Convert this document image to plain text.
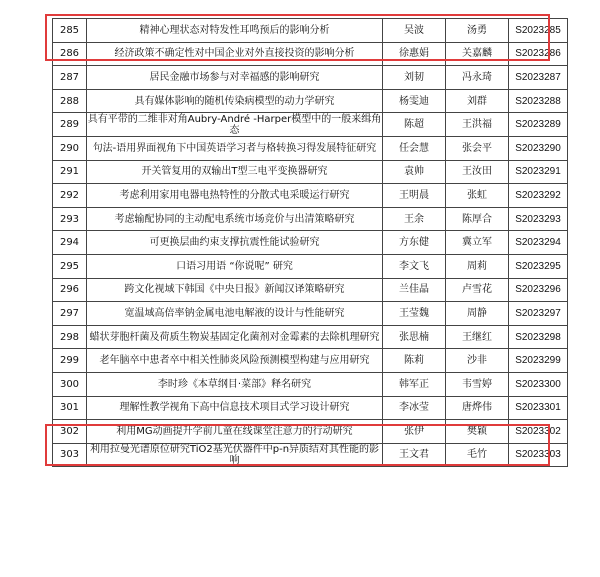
285	精神心理状态对特发性耳鸣预后的影响分析	吴波	汤勇	S2023285
286	经济政策不确定性对中国企业对外直接投资的影响分析	徐惠娟	关嘉麟	S2023286
287	居民金融市场参与对幸福感的影响研究	刘韧	冯永琦	S2023287
288	具有媒体影响的随机传染病模型的动力学研究	杨雯迪	刘群	S2023288
289	具有平带的二维非对角Aubry-André -Harper模型中的一般来缉角态	陈超	王洪福	S2023289
290	句法-语用界面视角下中国英语学习者与格转换习得发展特征研究	任会慧	张会平	S2023290
291	开关管复用的双输出T型三电平变换器研究	袁帅	王汝田	S2023291
292	考虑利用家用电器电热特性的分散式电采暖运行研究	王明晨	张虹	S2023292
293	考虑输配协同的主动配电系统市场竞价与出清策略研究	王余	陈厚合	S2023293
294	可更换层曲约束支撑抗震性能试验研究	方东健	冀立军	S2023294
295	口语习用语 “你说呢” 研究	李文飞	周莉	S2023295
296	跨文化视域下韩国《中央日报》新闻汉译策略研究	兰佳晶	卢雪花	S2023296
297	宽温域高倍率钠金属电池电解液的设计与性能研究	王莹魏	周静	S2023297
298	蜡状芽胞杆菌及荷质生物炭基固定化菌剂对金霉素的去除机理研究	张思楠	王继红	S2023298
299	老年脑卒中患者卒中相关性肺炎风险预测模型构建与应用研究	陈莉	沙非	S2023299
300	李时珍《本草纲目·菜部》释名研究	韩军正	韦雪婷	S2023300
301	理解性教学视角下高中信息技术项目式学习设计研究	李冰莹	唐烨伟	S2023301
302	利用MG动画提升学前儿童在线课堂注意力的行动研究	张伊	樊颖	S2023302
303	利用拉曼光谱原位研究TiO2基光伏器件中p-n异质结对其性能的影响	王文君	毛竹	S2023303
